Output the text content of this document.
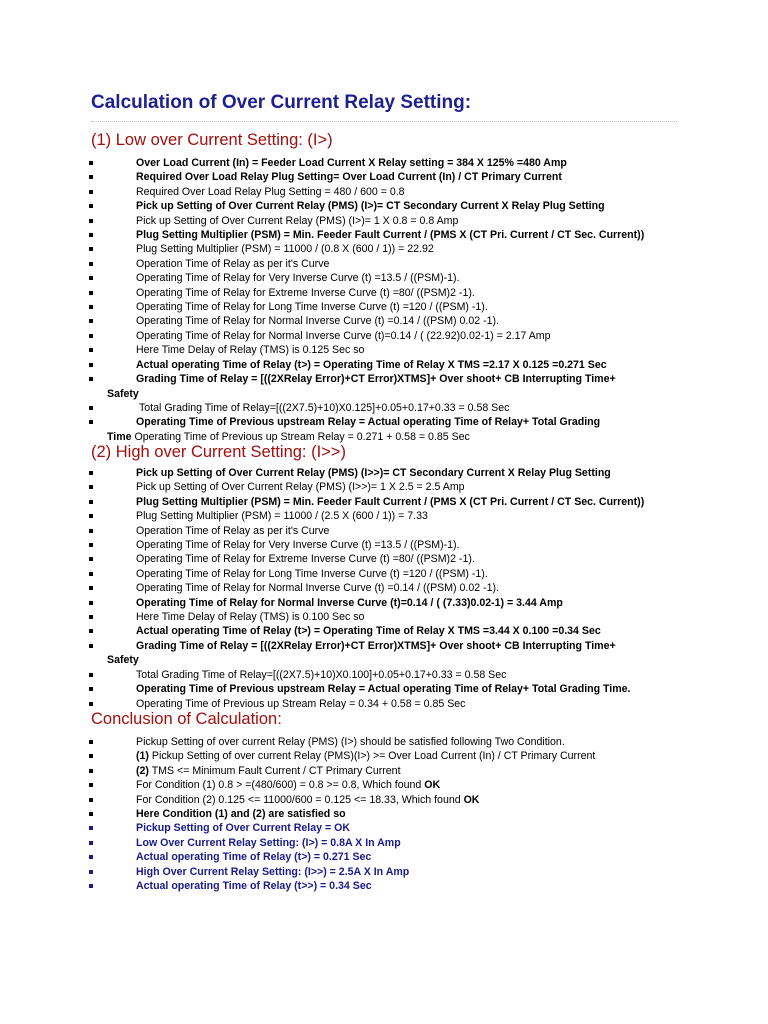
Calculation of Over Current Relay Setting:
(1) Low over Current Setting: (I>)
Over Load Current (In) = Feeder Load Current X Relay setting = 384 X 125% =480 Amp
Required Over Load Relay Plug Setting= Over Load Current (In) / CT Primary Current
Required Over Load Relay Plug Setting = 480 / 600 = 0.8
Pick up Setting of Over Current Relay (PMS) (I>)= CT Secondary Current X Relay Plug Setting
Pick up Setting of Over Current Relay (PMS) (I>)= 1 X 0.8 = 0.8 Amp
Plug Setting Multiplier (PSM) = Min. Feeder Fault Current / (PMS X (CT Pri. Current / CT Sec. Current))
Plug Setting Multiplier (PSM) = 11000 / (0.8 X (600 / 1)) = 22.92
Operation Time of Relay as per it's Curve
Operating Time of Relay for Very Inverse Curve (t) =13.5 / ((PSM)-1).
Operating Time of Relay for Extreme Inverse Curve (t) =80/ ((PSM)2 -1).
Operating Time of Relay for Long Time Inverse Curve (t) =120 / ((PSM) -1).
Operating Time of Relay for Normal Inverse Curve (t) =0.14 / ((PSM) 0.02 -1).
Operating Time of Relay for Normal Inverse Curve (t)=0.14 / ( (22.92)0.02-1) = 2.17 Amp
Here Time Delay of Relay (TMS) is 0.125 Sec so
Actual operating Time of Relay (t>) = Operating Time of Relay X TMS =2.17 X 0.125 =0.271 Sec
Grading Time of Relay = [((2XRelay Error)+CT Error)XTMS]+ Over shoot+ CB Interrupting Time+
Safety
Total Grading Time of Relay=[((2X7.5)+10)X0.125]+0.05+0.17+0.33 = 0.58 Sec
Operating Time of Previous upstream Relay = Actual operating Time of Relay+ Total Grading
Time Operating Time of Previous up Stream Relay = 0.271 + 0.58 = 0.85 Sec
(2) High over Current Setting: (I>>)
Pick up Setting of Over Current Relay (PMS) (I>>)= CT Secondary Current X Relay Plug Setting
Pick up Setting of Over Current Relay (PMS) (I>>)= 1 X 2.5 = 2.5 Amp
Plug Setting Multiplier (PSM) = Min. Feeder Fault Current / (PMS X (CT Pri. Current / CT Sec. Current))
Plug Setting Multiplier (PSM) = 11000 / (2.5 X (600 / 1)) = 7.33
Operation Time of Relay as per it's Curve
Operating Time of Relay for Very Inverse Curve (t) =13.5 / ((PSM)-1).
Operating Time of Relay for Extreme Inverse Curve (t) =80/ ((PSM)2 -1).
Operating Time of Relay for Long Time Inverse Curve (t) =120 / ((PSM) -1).
Operating Time of Relay for Normal Inverse Curve (t) =0.14 / ((PSM) 0.02 -1).
Operating Time of Relay for Normal Inverse Curve (t)=0.14 / ( (7.33)0.02-1) = 3.44 Amp
Here Time Delay of Relay (TMS) is 0.100 Sec so
Actual operating Time of Relay (t>) = Operating Time of Relay X TMS =3.44 X 0.100 =0.34 Sec
Grading Time of Relay = [((2XRelay Error)+CT Error)XTMS]+ Over shoot+ CB Interrupting Time+
Safety
Total Grading Time of Relay=[((2X7.5)+10)X0.100]+0.05+0.17+0.33 = 0.58 Sec
Operating Time of Previous upstream Relay = Actual operating Time of Relay+ Total Grading Time.
Operating Time of Previous up Stream Relay = 0.34 + 0.58 = 0.85 Sec
Conclusion of Calculation:
Pickup Setting of over current Relay (PMS) (I>) should be satisfied following Two Condition.
(1) Pickup Setting of over current Relay (PMS)(I>) >= Over Load Current (In) / CT Primary Current
(2) TMS <= Minimum Fault Current / CT Primary Current
For Condition (1) 0.8 > =(480/600) = 0.8 >= 0.8, Which found OK
For Condition (2) 0.125 <= 11000/600 = 0.125 <= 18.33, Which found OK
Here Condition (1) and (2) are satisfied so
Pickup Setting of Over Current Relay = OK
Low Over Current Relay Setting: (I>) = 0.8A X In Amp
Actual operating Time of Relay (t>) = 0.271 Sec
High Over Current Relay Setting: (I>>) = 2.5A X In Amp
Actual operating Time of Relay (t>>) = 0.34 Sec
